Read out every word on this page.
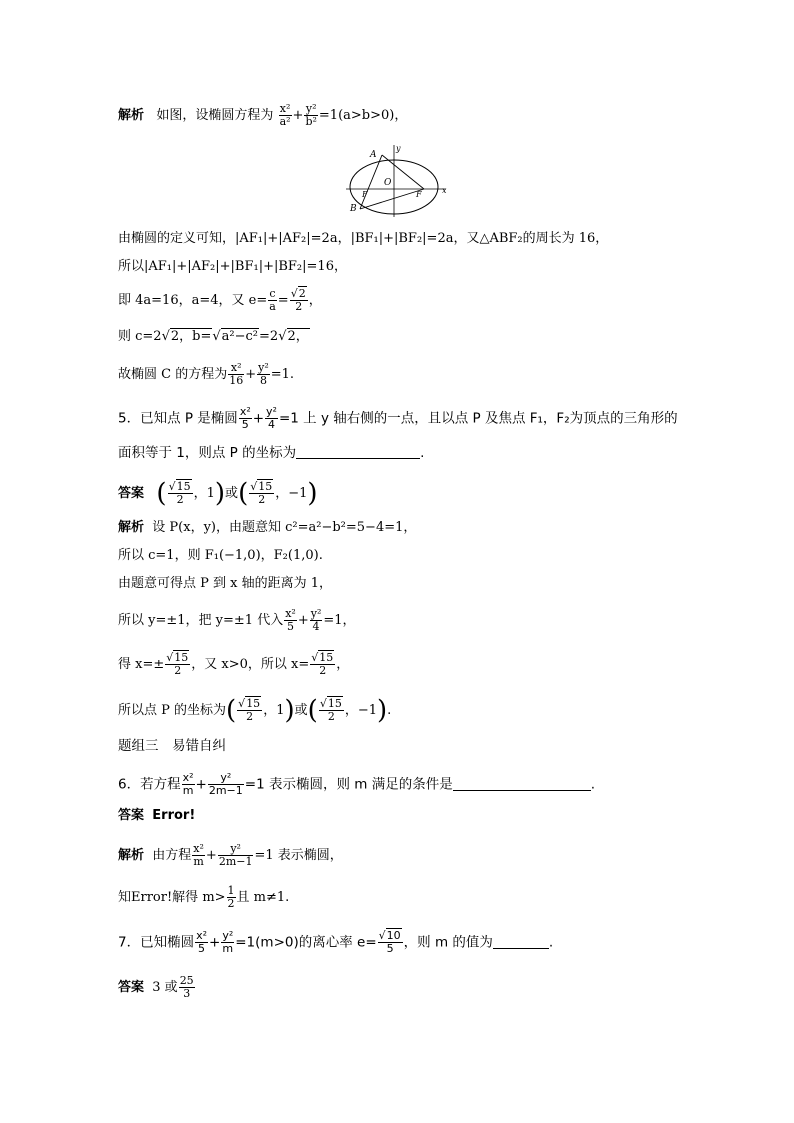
解析 如图，设椭圆方程为 $\frac{\text{x²}}{\text{a²}} + \frac{\text{y²}}{\text{b²}} =1(a>b>0)$，
A
B
O
F	F	x
y
由椭圆的定义可知，|AF₁|+|AF₂|=2a，|BF₁|+|BF₂|=2a，又△ABF₂的周长为 16，
所以|AF₁|+|AF₂|+|BF₁|+|BF₂|=16，
即 4a=16，a=4，又 $e= \frac{c}{a} = \frac{√2}{2}$ ，
则 c=2√2，b=√a²−c²=2√2，
故椭圆 C 的方程为 $\frac{\text{x²}}{16} + \frac{\text{y²}}{8} =1$.
5．已知点 P 是椭圆 $\frac{\text{x²}}{5} + \frac{\text{y²}}{4} =1$ 上 y 轴右侧的一点，且以点 P 及焦点 F₁，F₂为顶点的三角形的
面积等于 1，则点 P 的坐标为	.
答案 ( $\frac{√15}{2}$ ，1)或( $\frac{√15}{2}$ ，−1)
解析 设 P(x，y)，由题意知 c²=a²−b²=5−4=1，
所以 c=1，则 F₁(−1,0)，F₂(1,0).
由题意可得点 P 到 x 轴的距离为 1，
所以 y=±1，把 y=±1 代入 $\frac{\text{x²}}{5} + \frac{\text{y²}}{4} =1$，
得 $x=\pm \frac{√15}{2}$ ，又 x>0，所以 $x= \frac{√15}{2}$ ，
所以点 P 的坐标为( $\frac{√15}{2}$ ，1)或( $\frac{√15}{2}$ ，−1).
题组三　易错自纠
6．若方程 $\frac{\text{x²}}{m} + \frac{\text{y²}}{2m-1} =1$ 表示椭圆，则 m 满足的条件是	.
答案 Error!
解析 由方程 $\frac{\text{x²}}{m} + \frac{\text{y²}}{2m-1} =1$ 表示椭圆，
知Error!解得 $m> \frac{1}{2}$ 且 m≠1.
7．已知椭圆 $\frac{\text{x²}}{5} + \frac{\text{y²}}{m} =1(m>0)$的离心率 $e= \frac{√10}{5}$ ，则 m 的值为	.
答案 3 或 $\frac{25}{3}$
